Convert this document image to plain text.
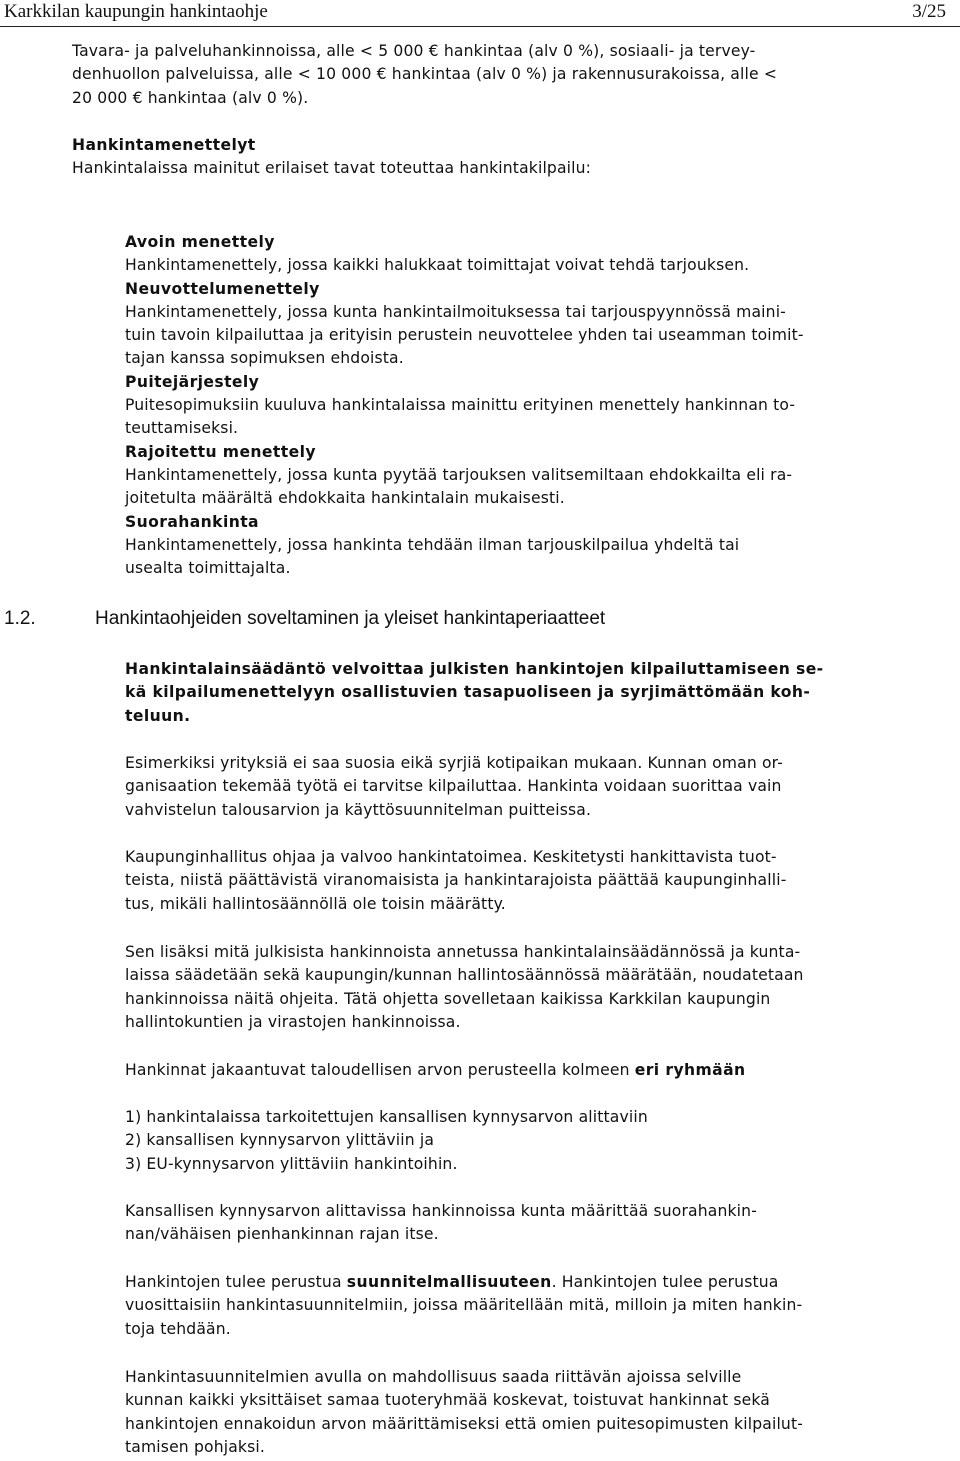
Karkkilan kaupungin hankintaohje	3/25
Tavara- ja palveluhankinnoissa, alle < 5 000 € hankintaa (alv 0 %), sosiaali- ja tervey-
denhuollon palveluissa, alle < 10 000 € hankintaa (alv 0 %) ja rakennusurakoissa, alle <
20 000 € hankintaa (alv 0 %).
Hankintamenettelyt
Hankintalaissa mainitut erilaiset tavat toteuttaa hankintakilpailu:
Avoin menettely
Hankintamenettely, jossa kaikki halukkaat toimittajat voivat tehdä tarjouksen.
Neuvottelumenettely
Hankintamenettely, jossa kunta hankintailmoituksessa tai tarjouspyynnössä maini-
tuin tavoin kilpailuttaa ja erityisin perustein neuvottelee yhden tai useamman toimit-
tajan kanssa sopimuksen ehdoista.
Puitejärjestely
Puitesopimuksiin kuuluva hankintalaissa mainittu erityinen menettely hankinnan to-
teuttamiseksi.
Rajoitettu menettely
Hankintamenettely, jossa kunta pyytää tarjouksen valitsemiltaan ehdokkailta eli ra-
joitetulta määrältä ehdokkaita hankintalain mukaisesti.
Suorahankinta
Hankintamenettely, jossa hankinta tehdään ilman tarjouskilpailua yhdeltä tai
usealta toimittajalta.
1.2.	Hankintaohjeiden soveltaminen ja yleiset hankintaperiaatteet
Hankintalainsäädäntö velvoittaa julkisten hankintojen kilpailuttamiseen se-
kä kilpailumenettelyyn osallistuvien tasapuoliseen ja syrjimättömään koh-
teluun.
Esimerkiksi yrityksiä ei saa suosia eikä syrjiä kotipaikan mukaan. Kunnan oman or-
ganisaation tekemää työtä ei tarvitse kilpailuttaa. Hankinta voidaan suorittaa vain
vahvistelun talousarvion ja käyttösuunnitelman puitteissa.
Kaupunginhallitus ohjaa ja valvoo hankintatoimea. Keskitetysti hankittavista tuot-
teista, niistä päättävistä viranomaisista ja hankintarajoista päättää kaupunginhalli-
tus, mikäli hallintosäännöllä ole toisin määrätty.
Sen lisäksi mitä julkisista hankinnoista annetussa hankintalainsäädännössä ja kunta-
laissa säädetään sekä kaupungin/kunnan hallintosäännössä määrätään, noudatetaan
hankinnoissa näitä ohjeita. Tätä ohjetta sovelletaan kaikissa Karkkilan kaupungin
hallintokuntien ja virastojen hankinnoissa.
Hankinnat jakaantuvat taloudellisen arvon perusteella kolmeen eri ryhmään
1) hankintalaissa tarkoitettujen kansallisen kynnysarvon alittaviin
2) kansallisen kynnysarvon ylittäviin ja
3) EU-kynnysarvon ylittäviin hankintoihin.
Kansallisen kynnysarvon alittavissa hankinnoissa kunta määrittää suorahankin-
nan/vähäisen pienhankinnan rajan itse.
Hankintojen tulee perustua suunnitelmallisuuteen. Hankintojen tulee perustua
vuosittaisiin hankintasuunnitelmiin, joissa määritellään mitä, milloin ja miten hankin-
toja tehdään.
Hankintasuunnitelmien avulla on mahdollisuus saada riittävän ajoissa selville
kunnan kaikki yksittäiset samaa tuoteryhmää koskevat, toistuvat hankinnat sekä
hankintojen ennakoidun arvon määrittämiseksi että omien puitesopimusten kilpailut-
tamisen pohjaksi.
